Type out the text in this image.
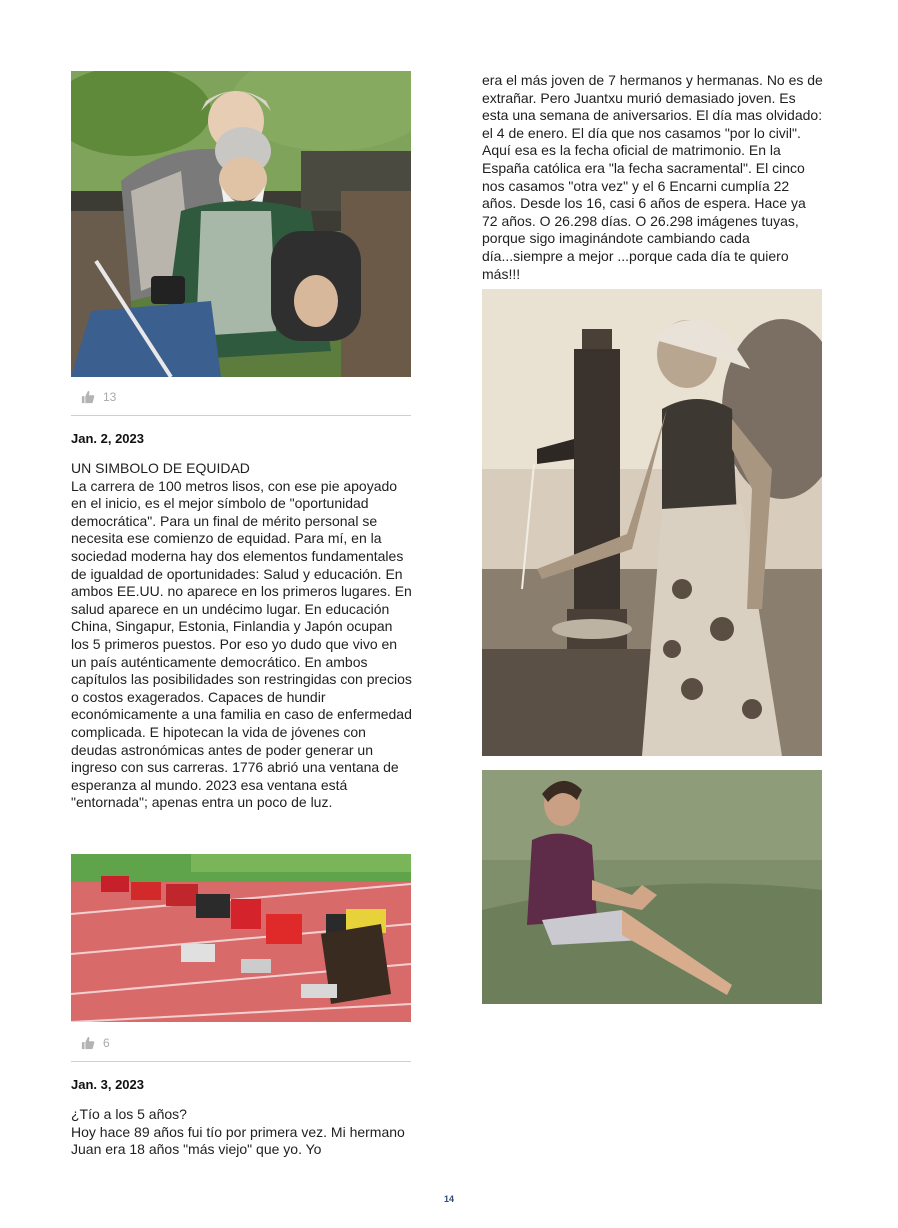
13
Jan. 2, 2023

UN SIMBOLO DE EQUIDAD

La carrera de 100 metros lisos, con ese pie apoyado en el inicio, es el mejor símbolo de "oportunidad democrática". Para un final de mérito personal se necesita ese comienzo de equidad. Para mí, en la sociedad moderna hay dos elementos fundamentales de igualdad de oportunidades: Salud y educación. En ambos EE.UU. no aparece en los primeros lugares. En salud aparece en un undécimo lugar. En educación China, Singapur, Estonia, Finlandia y Japón ocupan los 5 primeros puestos. Por eso yo dudo que vivo en un país auténticamente democrático. En ambos capítulos las posibilidades son restringidas con precios o costos exagerados. Capaces de hundir económicamente a una familia en caso de enfermedad complicada. E hipotecan la vida de jóvenes con deudas astronómicas antes de poder generar un ingreso con sus carreras. 1776 abrió una ventana de esperanza al mundo. 2023 esa ventana está "entornada"; apenas entra un poco de luz.

6
Jan. 3, 2023

¿Tío a los 5 años?

Hoy hace 89 años fui tío por primera vez. Mi hermano Juan era 18 años "más viejo" que yo. Yo

era el más joven de 7 hermanos y hermanas. No es de extrañar. Pero Juantxu murió demasiado joven. Es esta una semana de aniversarios. El día mas olvidado: el 4 de enero. El día que nos casamos "por lo civil". Aquí esa es la fecha oficial de matrimonio. En la España católica era "la fecha sacramental". El cinco nos casamos "otra vez" y el 6 Encarni cumplía 22 años. Desde los 16, casi 6 años de espera. Hace ya 72 años. O 26.298 días. O 26.298 imágenes tuyas, porque sigo imaginándote cambiando cada día...siempre a mejor ...porque cada día te quiero más!!!

14
